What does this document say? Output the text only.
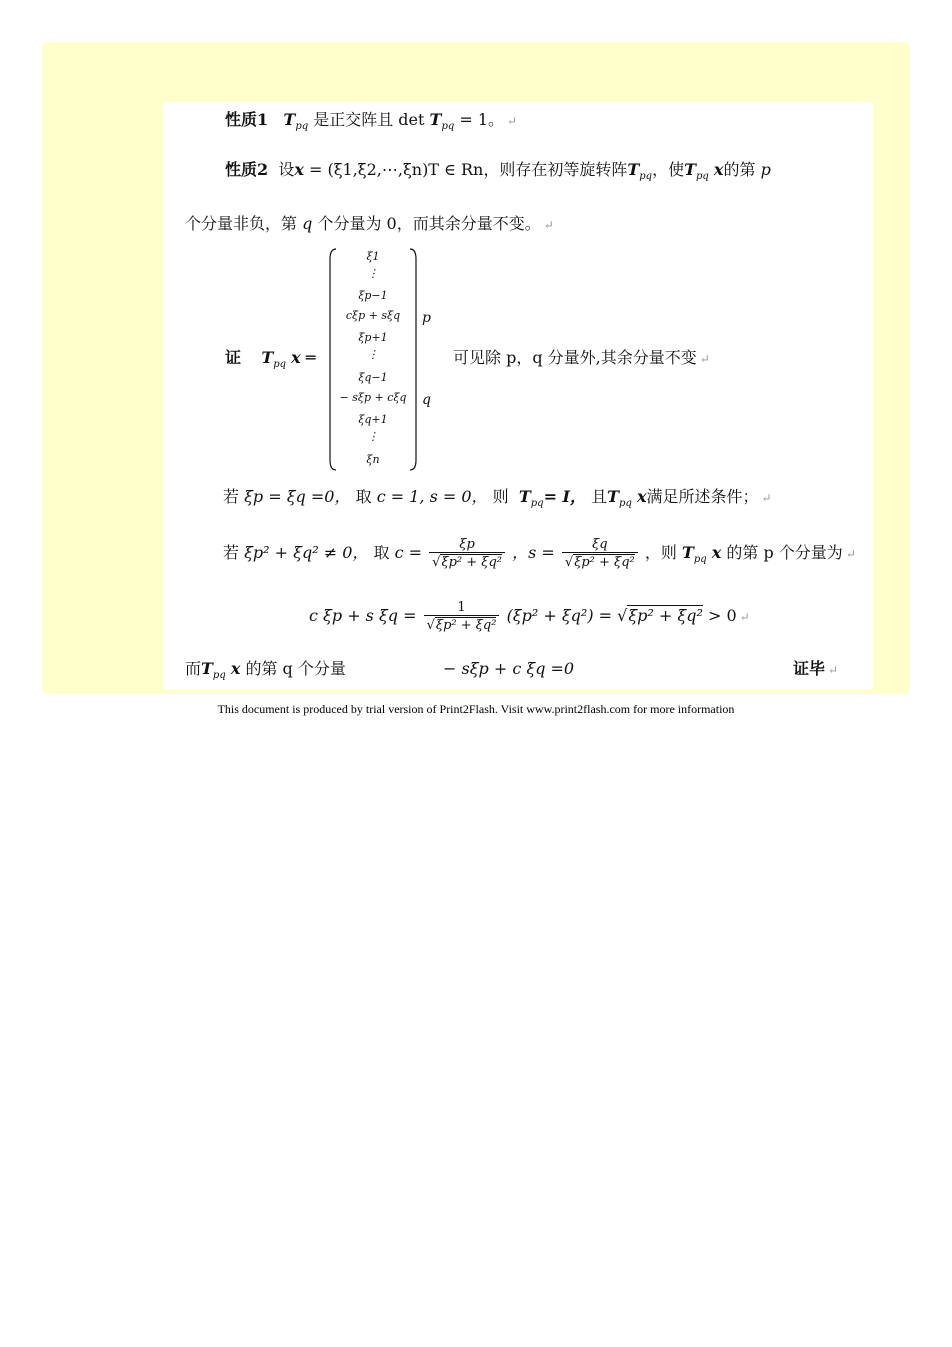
性质1 $T_{pq}$ 是正交阵且 $\det T_{pq} = 1$。 ↵
性质2 设x = (ξ1,ξ2,⋯,ξn)T ∈ Rn，则存在初等旋转阵$T_{pq}$，使$T_{pq}$ x的第 p
个分量非负，第 q 个分量为 0，而其余分量不变。 ↵
证 $T_{pq}$ x ═
ξ1
⋮
ξp−1
cξp + sξq
ξp+1
⋮
ξq−1
− sξp + cξq
ξq+1
⋮
ξn
p
q
可见除 p，q 分量外,其余分量不变 ↵
若 ξp = ξq =0， 取 c = 1, s = 0， 则 $T_{pq}= I$， 且$T_{pq}$ x满足所述条件； ↵
若 ξp² + ξq² ≠ 0， 取 $c = \frac{\xi p}{\text{√ξp² + ξq²}}$ ，$s = \frac{\xi q}{\text{√ξp² + ξq²}}$ ，则 $T_{pq}$ x 的第 p 个分量为 ↵
c ξp + s $\xi q = \frac{1}{\text{√ξp² + ξq²}} (\xi p^2 + \xi q^2) = √\xi p^2 + \xi q^2 > 0$ ↵
而$T_{pq}$ x 的第 q 个分量	− sξp + c ξq =0	证毕 ↵
This document is produced by trial version of Print2Flash. Visit www.print2flash.com for more information
